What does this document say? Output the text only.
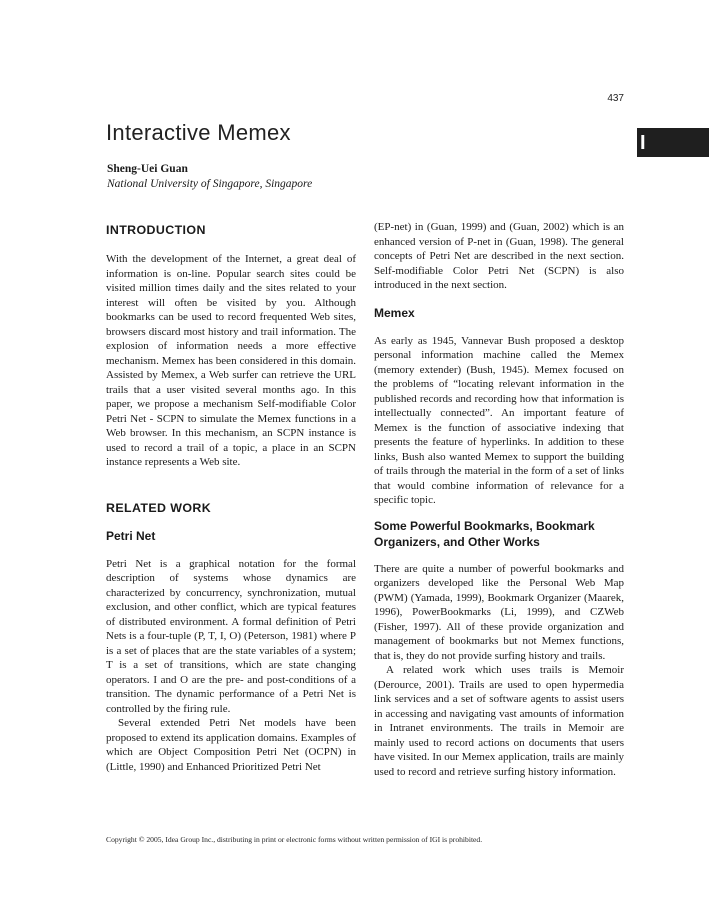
437
I
Interactive Memex
Sheng-Uei Guan
National University of Singapore, Singapore
INTRODUCTION

With the development of the Internet, a great deal of information is on-line. Popular search sites could be visited million times daily and the sites related to your interest will often be visited by you. Although bookmarks can be used to record frequented Web sites, browsers discard most history and trail information. The explosion of information needs a more effective mechanism. Memex has been considered in this domain. Assisted by Memex, a Web surfer can retrieve the URL trails that a user visited several months ago. In this paper, we propose a mechanism Self-modifiable Color Petri Net - SCPN to simulate the Memex functions in a Web browser. In this mechanism, an SCPN instance is used to record a trail of a topic, a place in an SCPN instance represents a Web site.

RELATED WORK
Petri Net

Petri Net is a graphical notation for the formal description of systems whose dynamics are characterized by concurrency, synchronization, mutual exclusion, and other conflict, which are typical features of distributed environment. A formal definition of Petri Nets is a four-tuple (P, T, I, O) (Peterson, 1981) where P is a set of places that are the state variables of a system; T is a set of transitions, which are state changing operators. I and O are the pre- and post-conditions of a transition. The dynamic performance of a Petri Net is controlled by the firing rule.

Several extended Petri Net models have been proposed to extend its application domains. Examples of which are Object Composition Petri Net (OCPN) in (Little, 1990) and Enhanced Prioritized Petri Net

(EP-net) in (Guan, 1999) and (Guan, 2002) which is an enhanced version of P-net in (Guan, 1998). The general concepts of Petri Net are described in the next section. Self-modifiable Color Petri Net (SCPN) is also introduced in the next section.

Memex

As early as 1945, Vannevar Bush proposed a desktop personal information machine called the Memex (memory extender) (Bush, 1945). Memex focused on the problems of “locating relevant information in the published records and recording how that information is intellectually connected”. An important feature of Memex is the function of associative indexing that presents the feature of hyperlinks. In addition to these links, Bush also wanted Memex to support the building of trails through the material in the form of a set of links that would combine information of relevance for a specific topic.

Some Powerful Bookmarks, Bookmark Organizers, and Other Works

There are quite a number of powerful bookmarks and organizers developed like the Personal Web Map (PWM) (Yamada, 1999), Bookmark Organizer (Maarek, 1996), PowerBookmarks (Li, 1999), and CZWeb (Fisher, 1997). All of these provide organization and management of bookmarks but not Memex functions, that is, they do not provide surfing history and trails.

A related work which uses trails is Memoir (Derource, 2001). Trails are used to open hypermedia link services and a set of software agents to assist users in accessing and navigating vast amounts of information in Intranet environments. The trails in Memoir are mainly used to record actions on documents that users have visited. In our Memex application, trails are mainly used to record and retrieve surfing history information.

Copyright © 2005, Idea Group Inc., distributing in print or electronic forms without written permission of IGI is prohibited.
